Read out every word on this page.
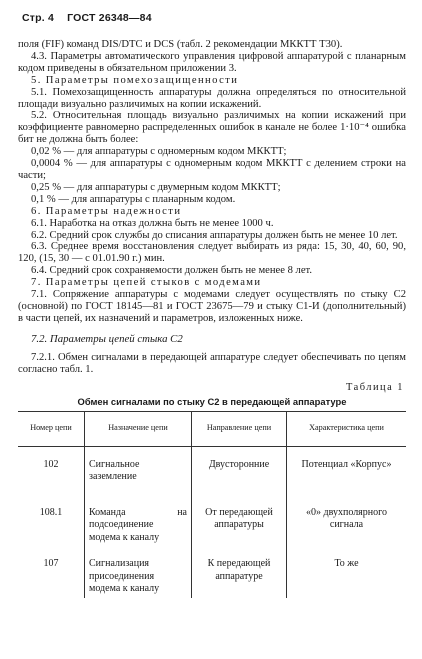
Стр. 4 ГОСТ 26348—84

поля (FIF) команд DIS/DTC и DCS (табл. 2 рекомендации МККТТ Т30).

4.3. Параметры автоматического управления цифровой аппаратурой с планарным кодом приведены в обязательном приложении 3.

5. Параметры помехозащищенности

5.1. Помехозащищенность аппаратуры должна определяться по относительной площади визуально различимых на копии искажений.

5.2. Относительная площадь визуально различимых на копии искажений при коэффициенте равномерно распределенных ошибок в канале не более 1·10⁻⁴ ошибка бит не должна быть более:

0,02 % — для аппаратуры с одномерным кодом МККТТ;

0,0004 % — для аппаратуры с одномерным кодом МККТТ с делением строки на части;

0,25 % — для аппаратуры с двумерным кодом МККТТ;

0,1 % — для аппаратуры с планарным кодом.

6. Параметры надежности

6.1. Наработка на отказ должна быть не менее 1000 ч.

6.2. Средний срок службы до списания аппаратуры должен быть не менее 10 лет.

6.3. Среднее время восстановления следует выбирать из ряда: 15, 30, 40, 60, 90, 120, (15, 30 — с 01.01.90 г.) мин.

6.4. Средний срок сохраняемости должен быть не менее 8 лет.

7. Параметры цепей стыков с модемами

7.1. Сопряжение аппаратуры с модемами следует осуществлять по стыку С2 (основной) по ГОСТ 18145—81 и ГОСТ 23675—79 и стыку С1-И (дополнительный) в части цепей, их назначений и параметров, изложенных ниже.

7.2. Параметры цепей стыка С2

7.2.1. Обмен сигналами в передающей аппаратуре следует обеспечивать по цепям согласно табл. 1.

Таблица 1
Обмен сигналами по стыку С2 в передающей аппаратуре
Номер цепи	Назначение цепи	Направление цепи	Характеристика цепи
102	Сигнальное заземление	Двусторонние	Потенциал «Корпус»
108.1	Команда на подсоединение модема к каналу	От передающей аппаратуры	«0» двухполярного сигнала
107	Сигнализация присоединения модема к каналу	К передающей аппаратуре	То же
